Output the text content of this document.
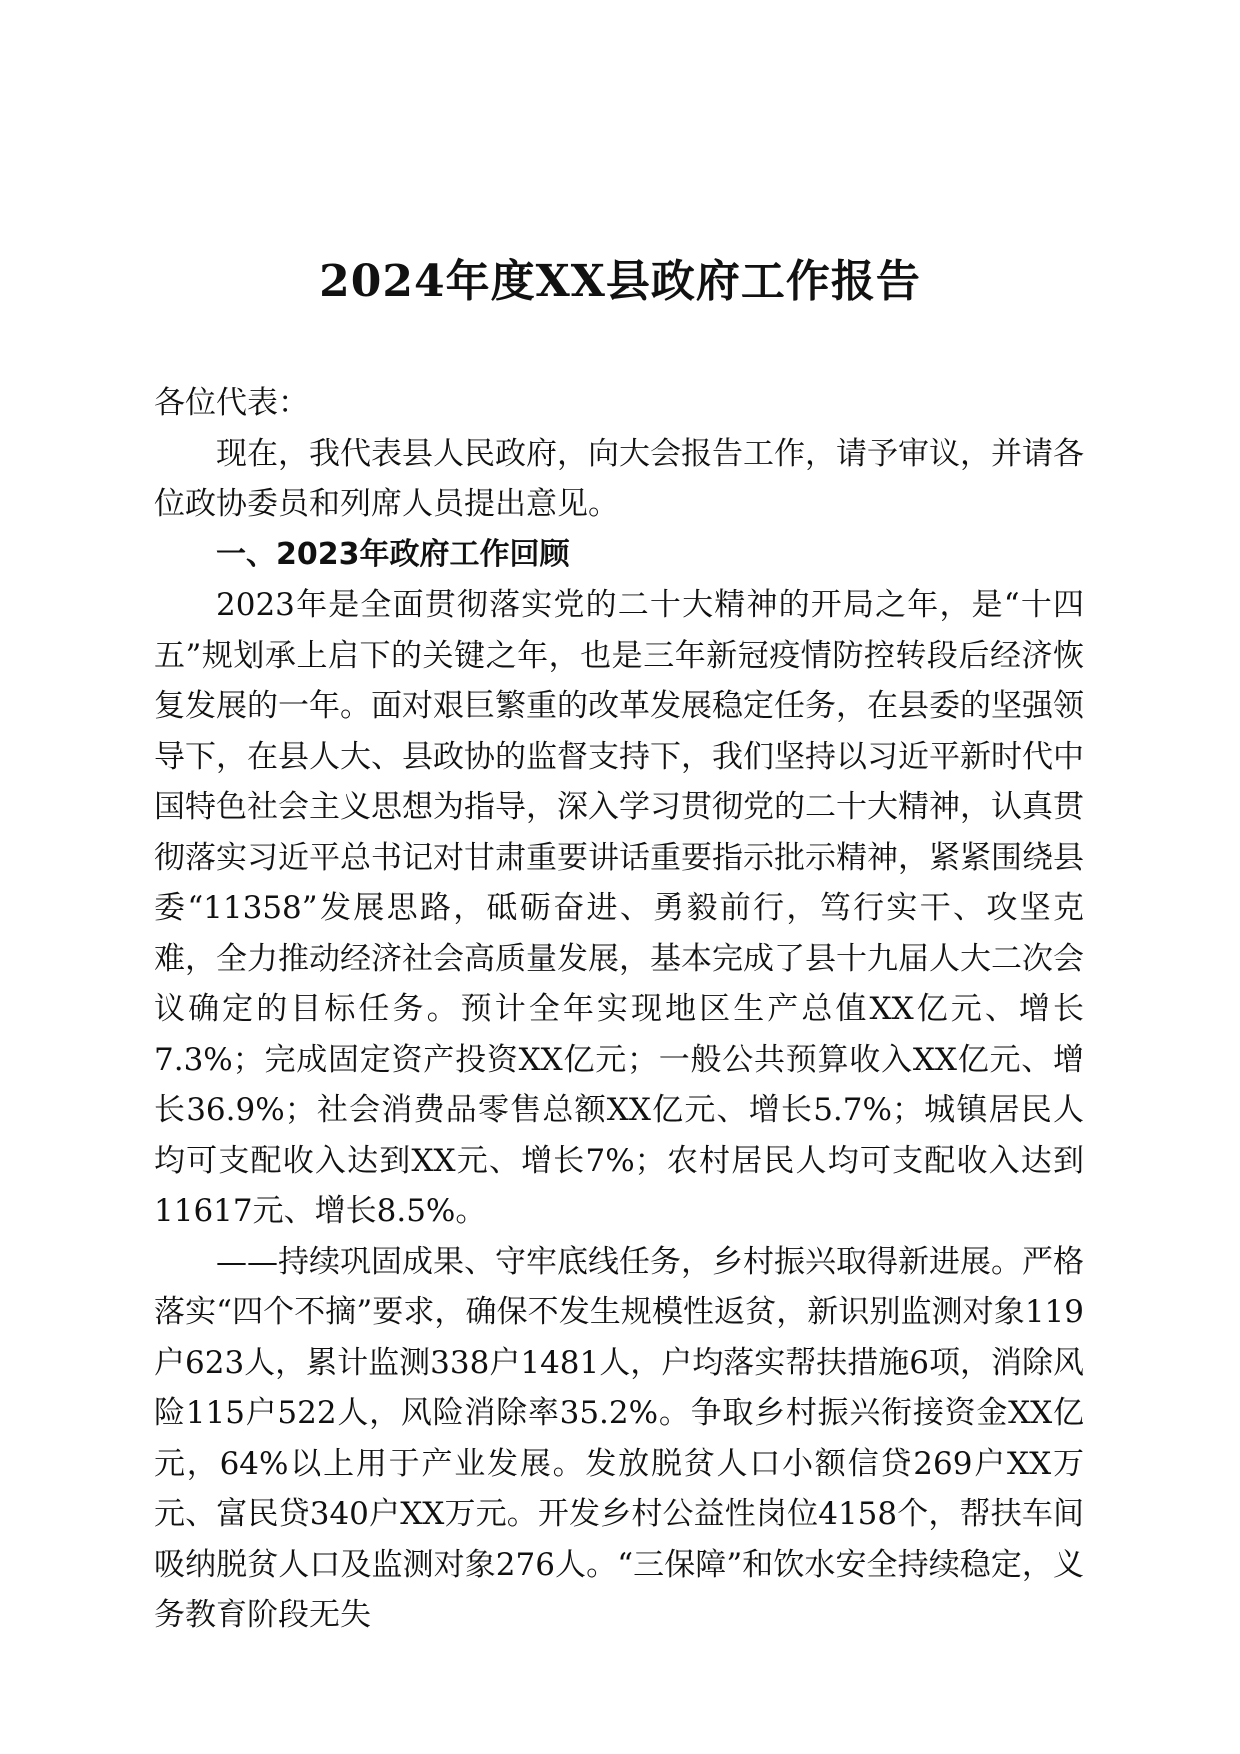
2024年度XX县政府工作报告

各位代表：

现在，我代表县人民政府，向大会报告工作，请予审议，并请各位政协委员和列席人员提出意见。

一、2023年政府工作回顾

2023年是全面贯彻落实党的二十大精神的开局之年，是“十四五”规划承上启下的关键之年，也是三年新冠疫情防控转段后经济恢复发展的一年。面对艰巨繁重的改革发展稳定任务，在县委的坚强领导下，在县人大、县政协的监督支持下，我们坚持以习近平新时代中国特色社会主义思想为指导，深入学习贯彻党的二十大精神，认真贯彻落实习近平总书记对甘肃重要讲话重要指示批示精神，紧紧围绕县委“11358”发展思路，砥砺奋进、勇毅前行，笃行实干、攻坚克难，全力推动经济社会高质量发展，基本完成了县十九届人大二次会议确定的目标任务。预计全年实现地区生产总值XX亿元、增长7.3%；完成固定资产投资XX亿元；一般公共预算收入XX亿元、增长36.9%；社会消费品零售总额XX亿元、增长5.7%；城镇居民人均可支配收入达到XX元、增长7%；农村居民人均可支配收入达到11617元、增长8.5%。

——持续巩固成果、守牢底线任务，乡村振兴取得新进展。严格落实“四个不摘”要求，确保不发生规模性返贫，新识别监测对象119户623人，累计监测338户1481人，户均落实帮扶措施6项，消除风险115户522人，风险消除率35.2%。争取乡村振兴衔接资金XX亿元，64%以上用于产业发展。发放脱贫人口小额信贷269户XX万元、富民贷340户XX万元。开发乡村公益性岗位4158个，帮扶车间吸纳脱贫人口及监测对象276人。“三保障”和饮水安全持续稳定，义务教育阶段无失
